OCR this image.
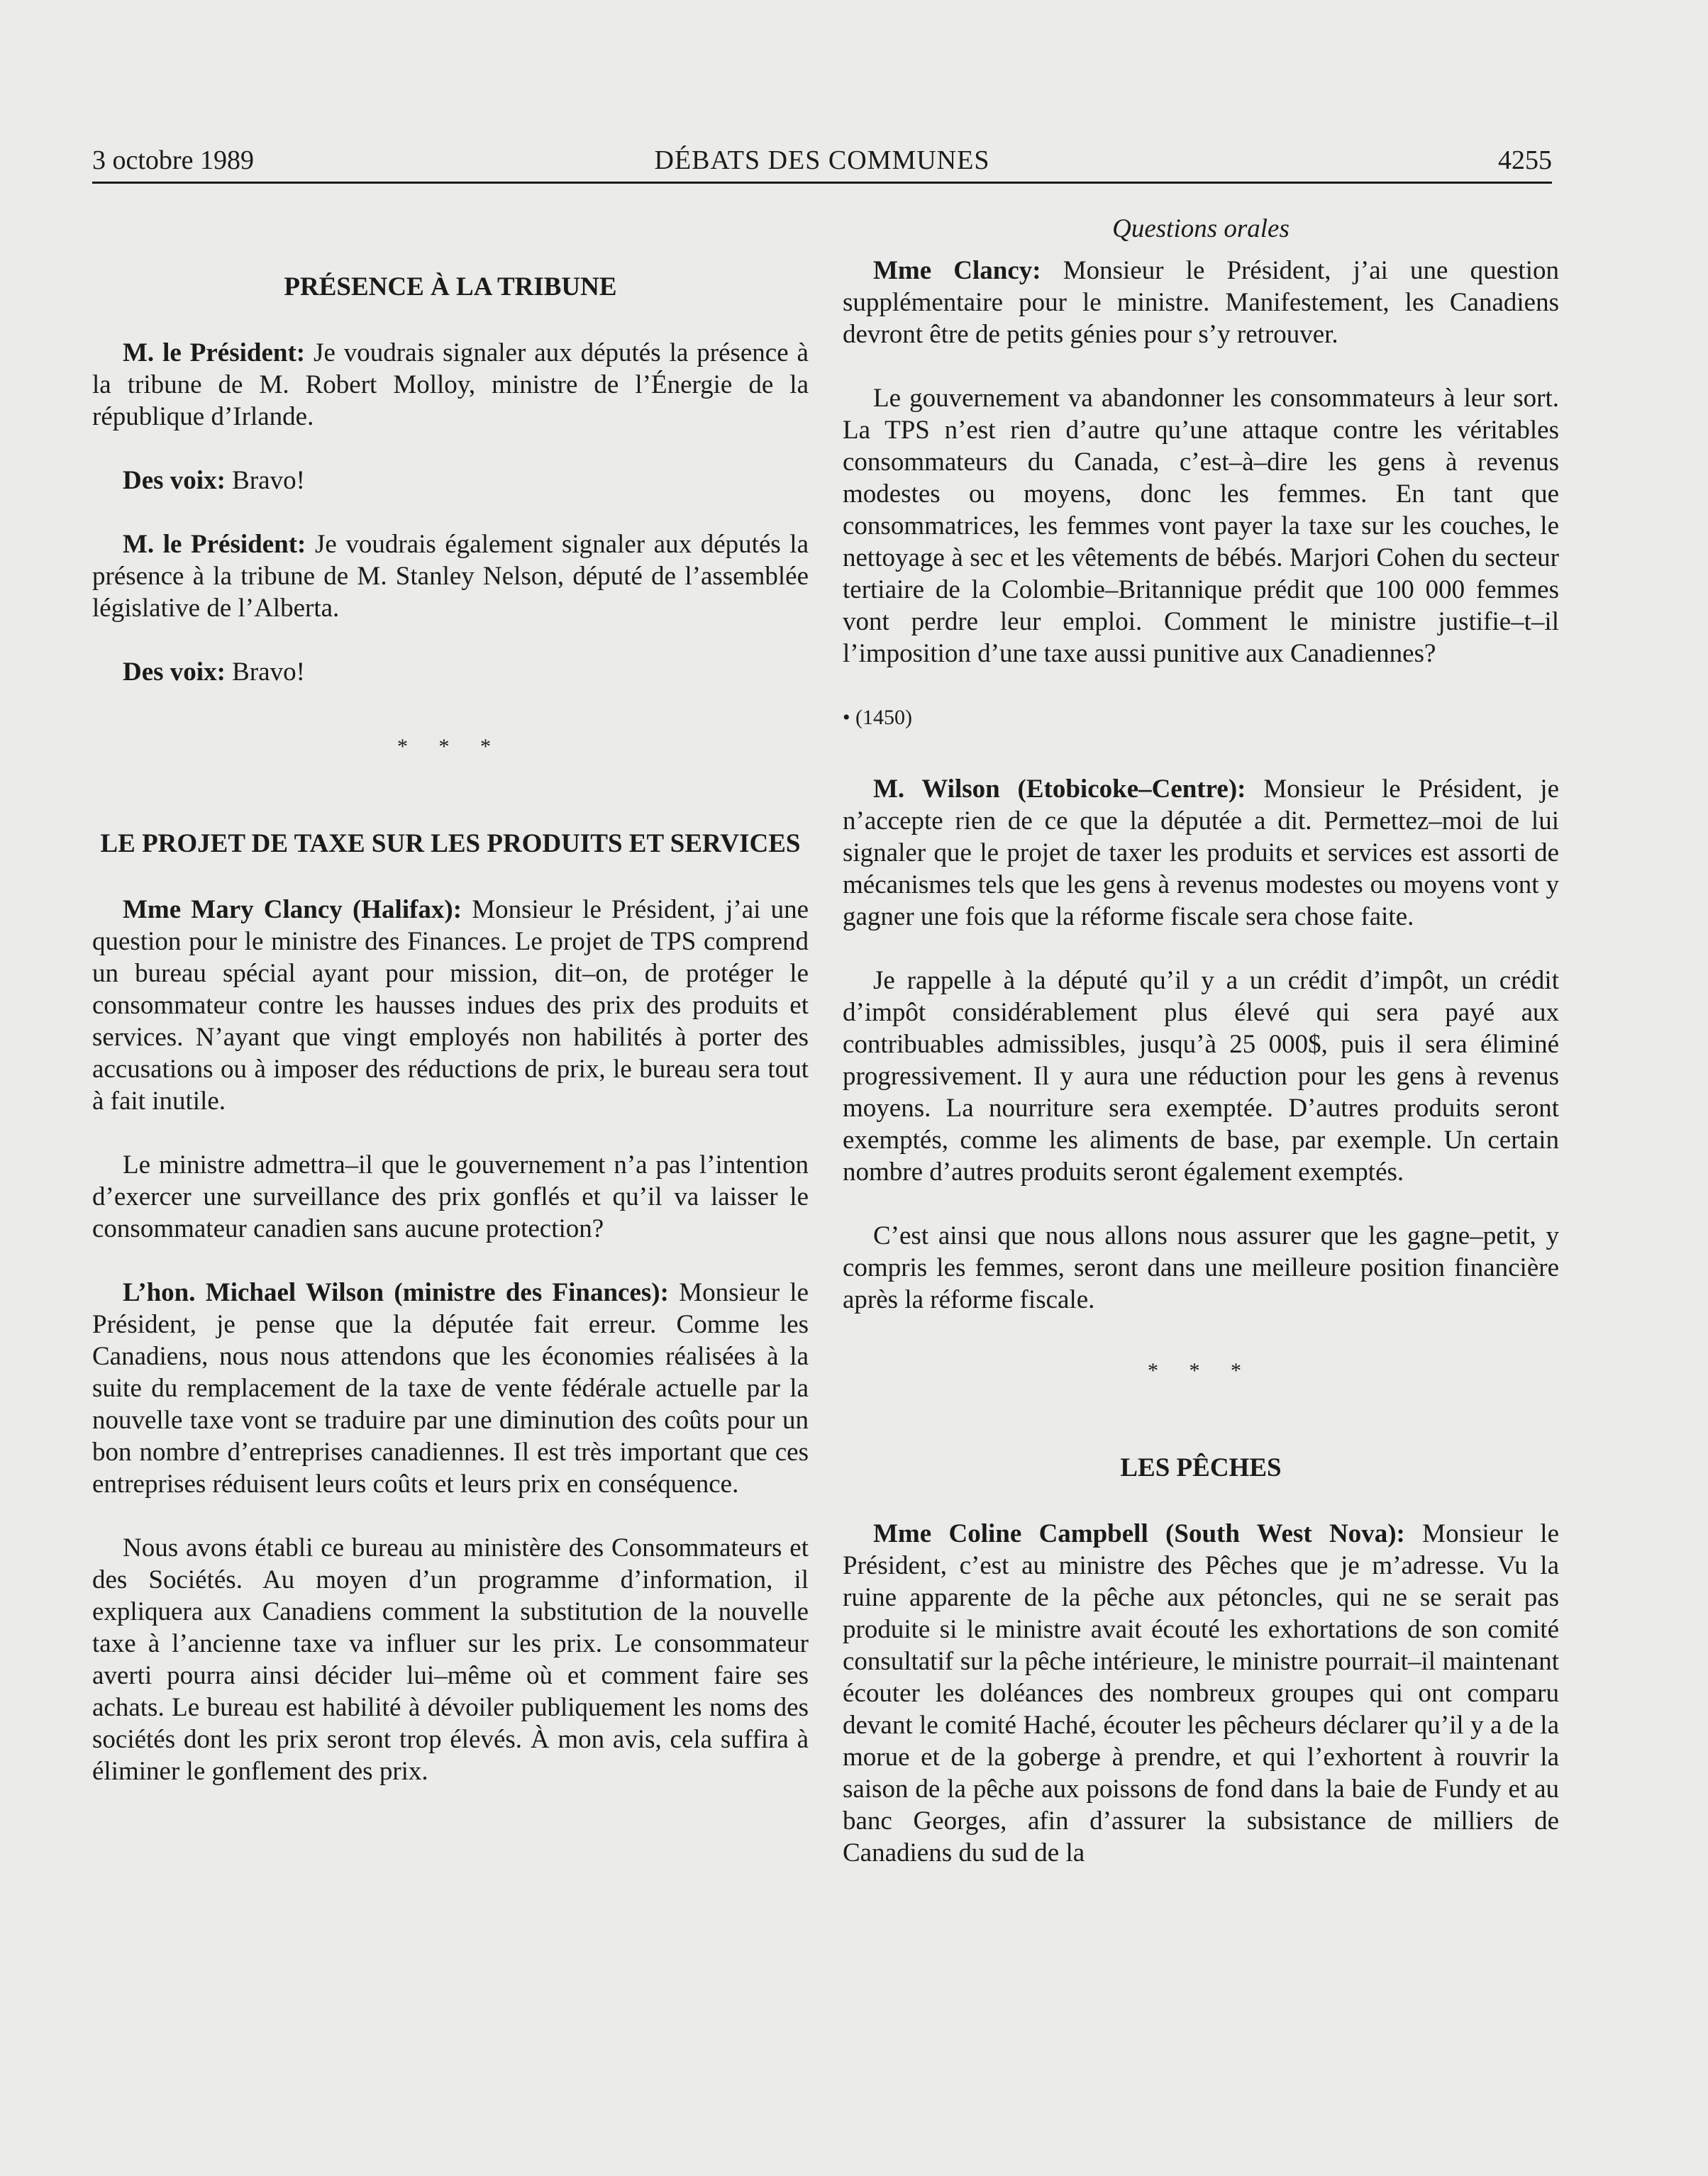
3 octobre 1989	DÉBATS DES COMMUNES	4255
PRÉSENCE À LA TRIBUNE

M. le Président: Je voudrais signaler aux députés la présence à la tribune de M. Robert Molloy, ministre de l’Énergie de la république d’Irlande.

Des voix: Bravo!

M. le Président: Je voudrais également signaler aux députés la présence à la tribune de M. Stanley Nelson, député de l’assemblée législative de l’Alberta.

Des voix: Bravo!

* * *
LE PROJET DE TAXE SUR LES PRODUITS ET SERVICES

Mme Mary Clancy (Halifax): Monsieur le Président, j’ai une question pour le ministre des Finances. Le projet de TPS comprend un bureau spécial ayant pour mission, dit–on, de protéger le consommateur contre les hausses indues des prix des produits et services. N’ayant que vingt employés non habilités à porter des accusations ou à imposer des réductions de prix, le bureau sera tout à fait inutile.

Le ministre admettra–il que le gouvernement n’a pas l’intention d’exercer une surveillance des prix gonflés et qu’il va laisser le consommateur canadien sans aucune protection?

L’hon. Michael Wilson (ministre des Finances): Monsieur le Président, je pense que la députée fait erreur. Comme les Canadiens, nous nous attendons que les économies réalisées à la suite du remplacement de la taxe de vente fédérale actuelle par la nouvelle taxe vont se traduire par une diminution des coûts pour un bon nombre d’entreprises canadiennes. Il est très important que ces entreprises réduisent leurs coûts et leurs prix en conséquence.

Nous avons établi ce bureau au ministère des Consommateurs et des Sociétés. Au moyen d’un programme d’information, il expliquera aux Canadiens comment la substitution de la nouvelle taxe à l’ancienne taxe va influer sur les prix. Le consommateur averti pourra ainsi décider lui–même où et comment faire ses achats. Le bureau est habilité à dévoiler publiquement les noms des sociétés dont les prix seront trop élevés. À mon avis, cela suffira à éliminer le gonflement des prix.

Questions orales

Mme Clancy: Monsieur le Président, j’ai une question supplémentaire pour le ministre. Manifestement, les Canadiens devront être de petits génies pour s’y retrouver.

Le gouvernement va abandonner les consommateurs à leur sort. La TPS n’est rien d’autre qu’une attaque contre les véritables consommateurs du Canada, c’est–à–dire les gens à revenus modestes ou moyens, donc les femmes. En tant que consommatrices, les femmes vont payer la taxe sur les couches, le nettoyage à sec et les vêtements de bébés. Marjori Cohen du secteur tertiaire de la Colombie–Britannique prédit que 100 000 femmes vont perdre leur emploi. Comment le ministre justifie–t–il l’imposition d’une taxe aussi punitive aux Canadiennes?

• (1450)

M. Wilson (Etobicoke–Centre): Monsieur le Président, je n’accepte rien de ce que la députée a dit. Permettez–moi de lui signaler que le projet de taxer les produits et services est assorti de mécanismes tels que les gens à revenus modestes ou moyens vont y gagner une fois que la réforme fiscale sera chose faite.

Je rappelle à la député qu’il y a un crédit d’impôt, un crédit d’impôt considérablement plus élevé qui sera payé aux contribuables admissibles, jusqu’à 25 000$, puis il sera éliminé progressivement. Il y aura une réduction pour les gens à revenus moyens. La nourriture sera exemptée. D’autres produits seront exemptés, comme les aliments de base, par exemple. Un certain nombre d’autres produits seront également exemptés.

C’est ainsi que nous allons nous assurer que les gagne–petit, y compris les femmes, seront dans une meilleure position financière après la réforme fiscale.

* * *
LES PÊCHES

Mme Coline Campbell (South West Nova): Monsieur le Président, c’est au ministre des Pêches que je m’adresse. Vu la ruine apparente de la pêche aux pétoncles, qui ne se serait pas produite si le ministre avait écouté les exhortations de son comité consultatif sur la pêche intérieure, le ministre pourrait–il maintenant écouter les doléances des nombreux groupes qui ont comparu devant le comité Haché, écouter les pêcheurs déclarer qu’il y a de la morue et de la goberge à prendre, et qui l’exhortent à rouvrir la saison de la pêche aux poissons de fond dans la baie de Fundy et au banc Georges, afin d’assurer la subsistance de milliers de Canadiens du sud de la
